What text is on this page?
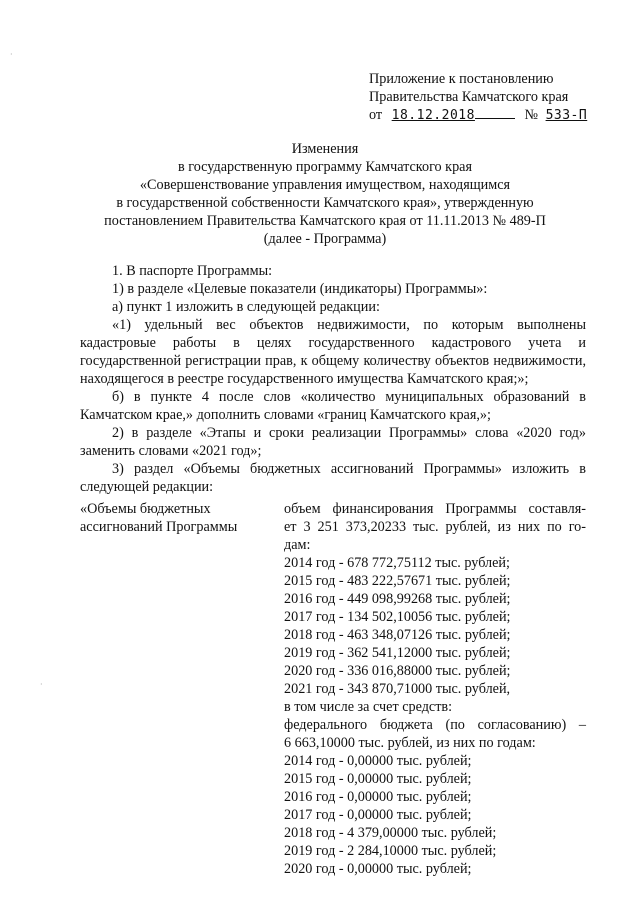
·
·
Приложение к постановлению
Правительства Камчатского края
от 18.12.2018	№ 533-П
Изменения
в государственную программу Камчатского края
«Совершенствование управления имуществом, находящимся
в государственной собственности Камчатского края», утвержденную
постановлением Правительства Камчатского края от 11.11.2013 № 489-П
(далее - Программа)

1. В паспорте Программы:

1) в разделе «Целевые показатели (индикаторы) Программы»:

а) пункт 1 изложить в следующей редакции:

«1) удельный вес объектов недвижимости, по которым выполнены кадастровые работы в целях государственного кадастрового учета и государственной регистрации прав, к общему количеству объектов недвижимости, находящегося в реестре государственного имущества Камчатского края;»;

б) в пункте 4 после слов «количество муниципальных образований в Камчатском крае,» дополнить словами «границ Камчатского края,»;

2) в разделе «Этапы и сроки реализации Программы» слова «2020 год» заменить словами «2021 год»;

3) раздел «Объемы бюджетных ассигнований Программы» изложить в следующей редакции:

«Объемы бюджетных
ассигнований Программы
объем финансирования Программы составля-
ет 3 251 373,20233 тыс. рублей, из них по го-
дам:
2014 год - 678 772,75112 тыс. рублей;
2015 год - 483 222,57671 тыс. рублей;
2016 год - 449 098,99268 тыс. рублей;
2017 год - 134 502,10056 тыс. рублей;
2018 год - 463 348,07126 тыс. рублей;
2019 год - 362 541,12000 тыс. рублей;
2020 год - 336 016,88000 тыс. рублей;
2021 год - 343 870,71000 тыс. рублей,
в том числе за счет средств:
федерального бюджета (по согласованию) –
6 663,10000 тыс. рублей, из них по годам:
2014 год - 0,00000 тыс. рублей;
2015 год - 0,00000 тыс. рублей;
2016 год - 0,00000 тыс. рублей;
2017 год - 0,00000 тыс. рублей;
2018 год - 4 379,00000 тыс. рублей;
2019 год - 2 284,10000 тыс. рублей;
2020 год - 0,00000 тыс. рублей;
